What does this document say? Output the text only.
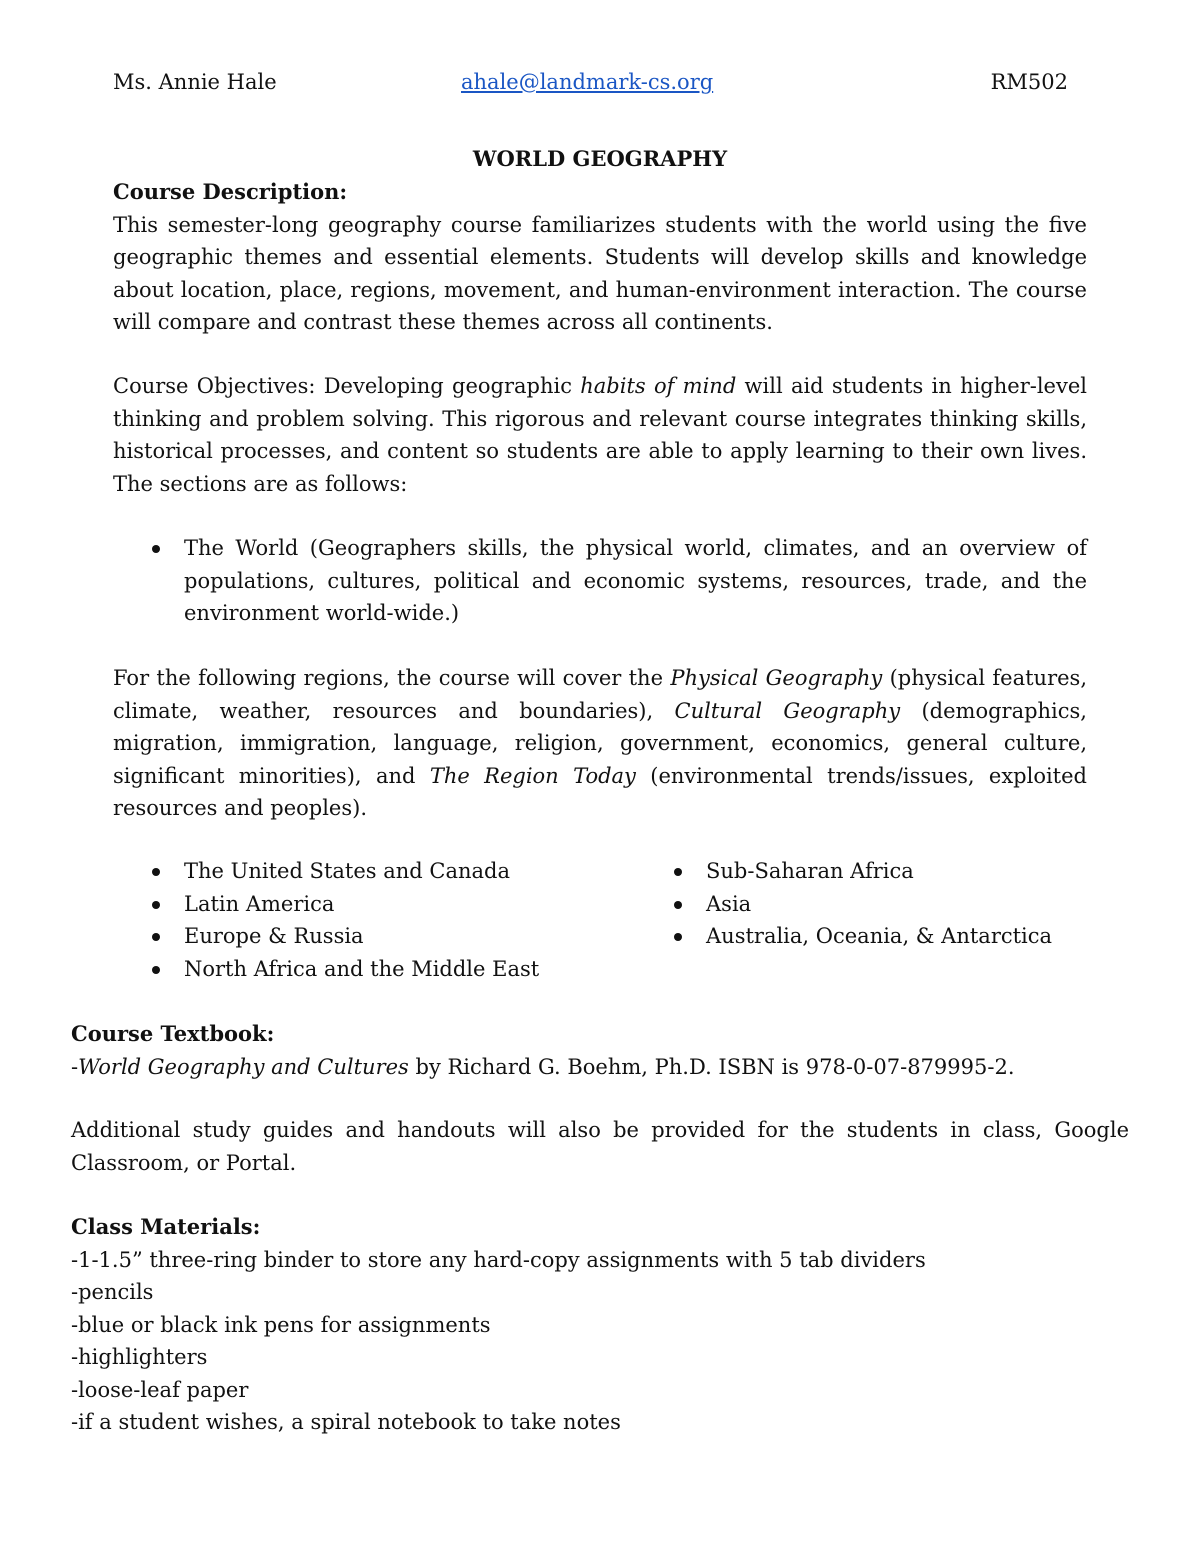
Ms. Annie Hale	ahale@landmark-cs.org	RM502
WORLD GEOGRAPHY

Course Description:

This semester-long geography course familiarizes students with the world using the five geographic themes and essential elements. Students will develop skills and knowledge about location, place, regions, movement, and human-environment interaction. The course will compare and contrast these themes across all continents.

Course Objectives: Developing geographic habits of mind will aid students in higher-level thinking and problem solving. This rigorous and relevant course integrates thinking skills, historical processes, and content so students are able to apply learning to their own lives. The sections are as follows:

The World (Geographers skills, the physical world, climates, and an overview of populations, cultures, political and economic systems, resources, trade, and the environment world-wide.)

For the following regions, the course will cover the Physical Geography (physical features, climate, weather, resources and boundaries), Cultural Geography (demographics, migration, immigration, language, religion, government, economics, general culture, significant minorities), and The Region Today (environmental trends/issues, exploited resources and peoples).

The United States and Canada
Latin America
Europe & Russia
North Africa and the Middle East
Sub-Saharan Africa
Asia
Australia, Oceania, & Antarctica

Course Textbook:

-World Geography and Cultures by Richard G. Boehm, Ph.D. ISBN is 978-0-07-879995-2.

Additional study guides and handouts will also be provided for the students in class, Google Classroom, or Portal.

Class Materials:

-1-1.5” three-ring binder to store any hard-copy assignments with 5 tab dividers

-pencils

-blue or black ink pens for assignments

-highlighters

-loose-leaf paper

-if a student wishes, a spiral notebook to take notes
